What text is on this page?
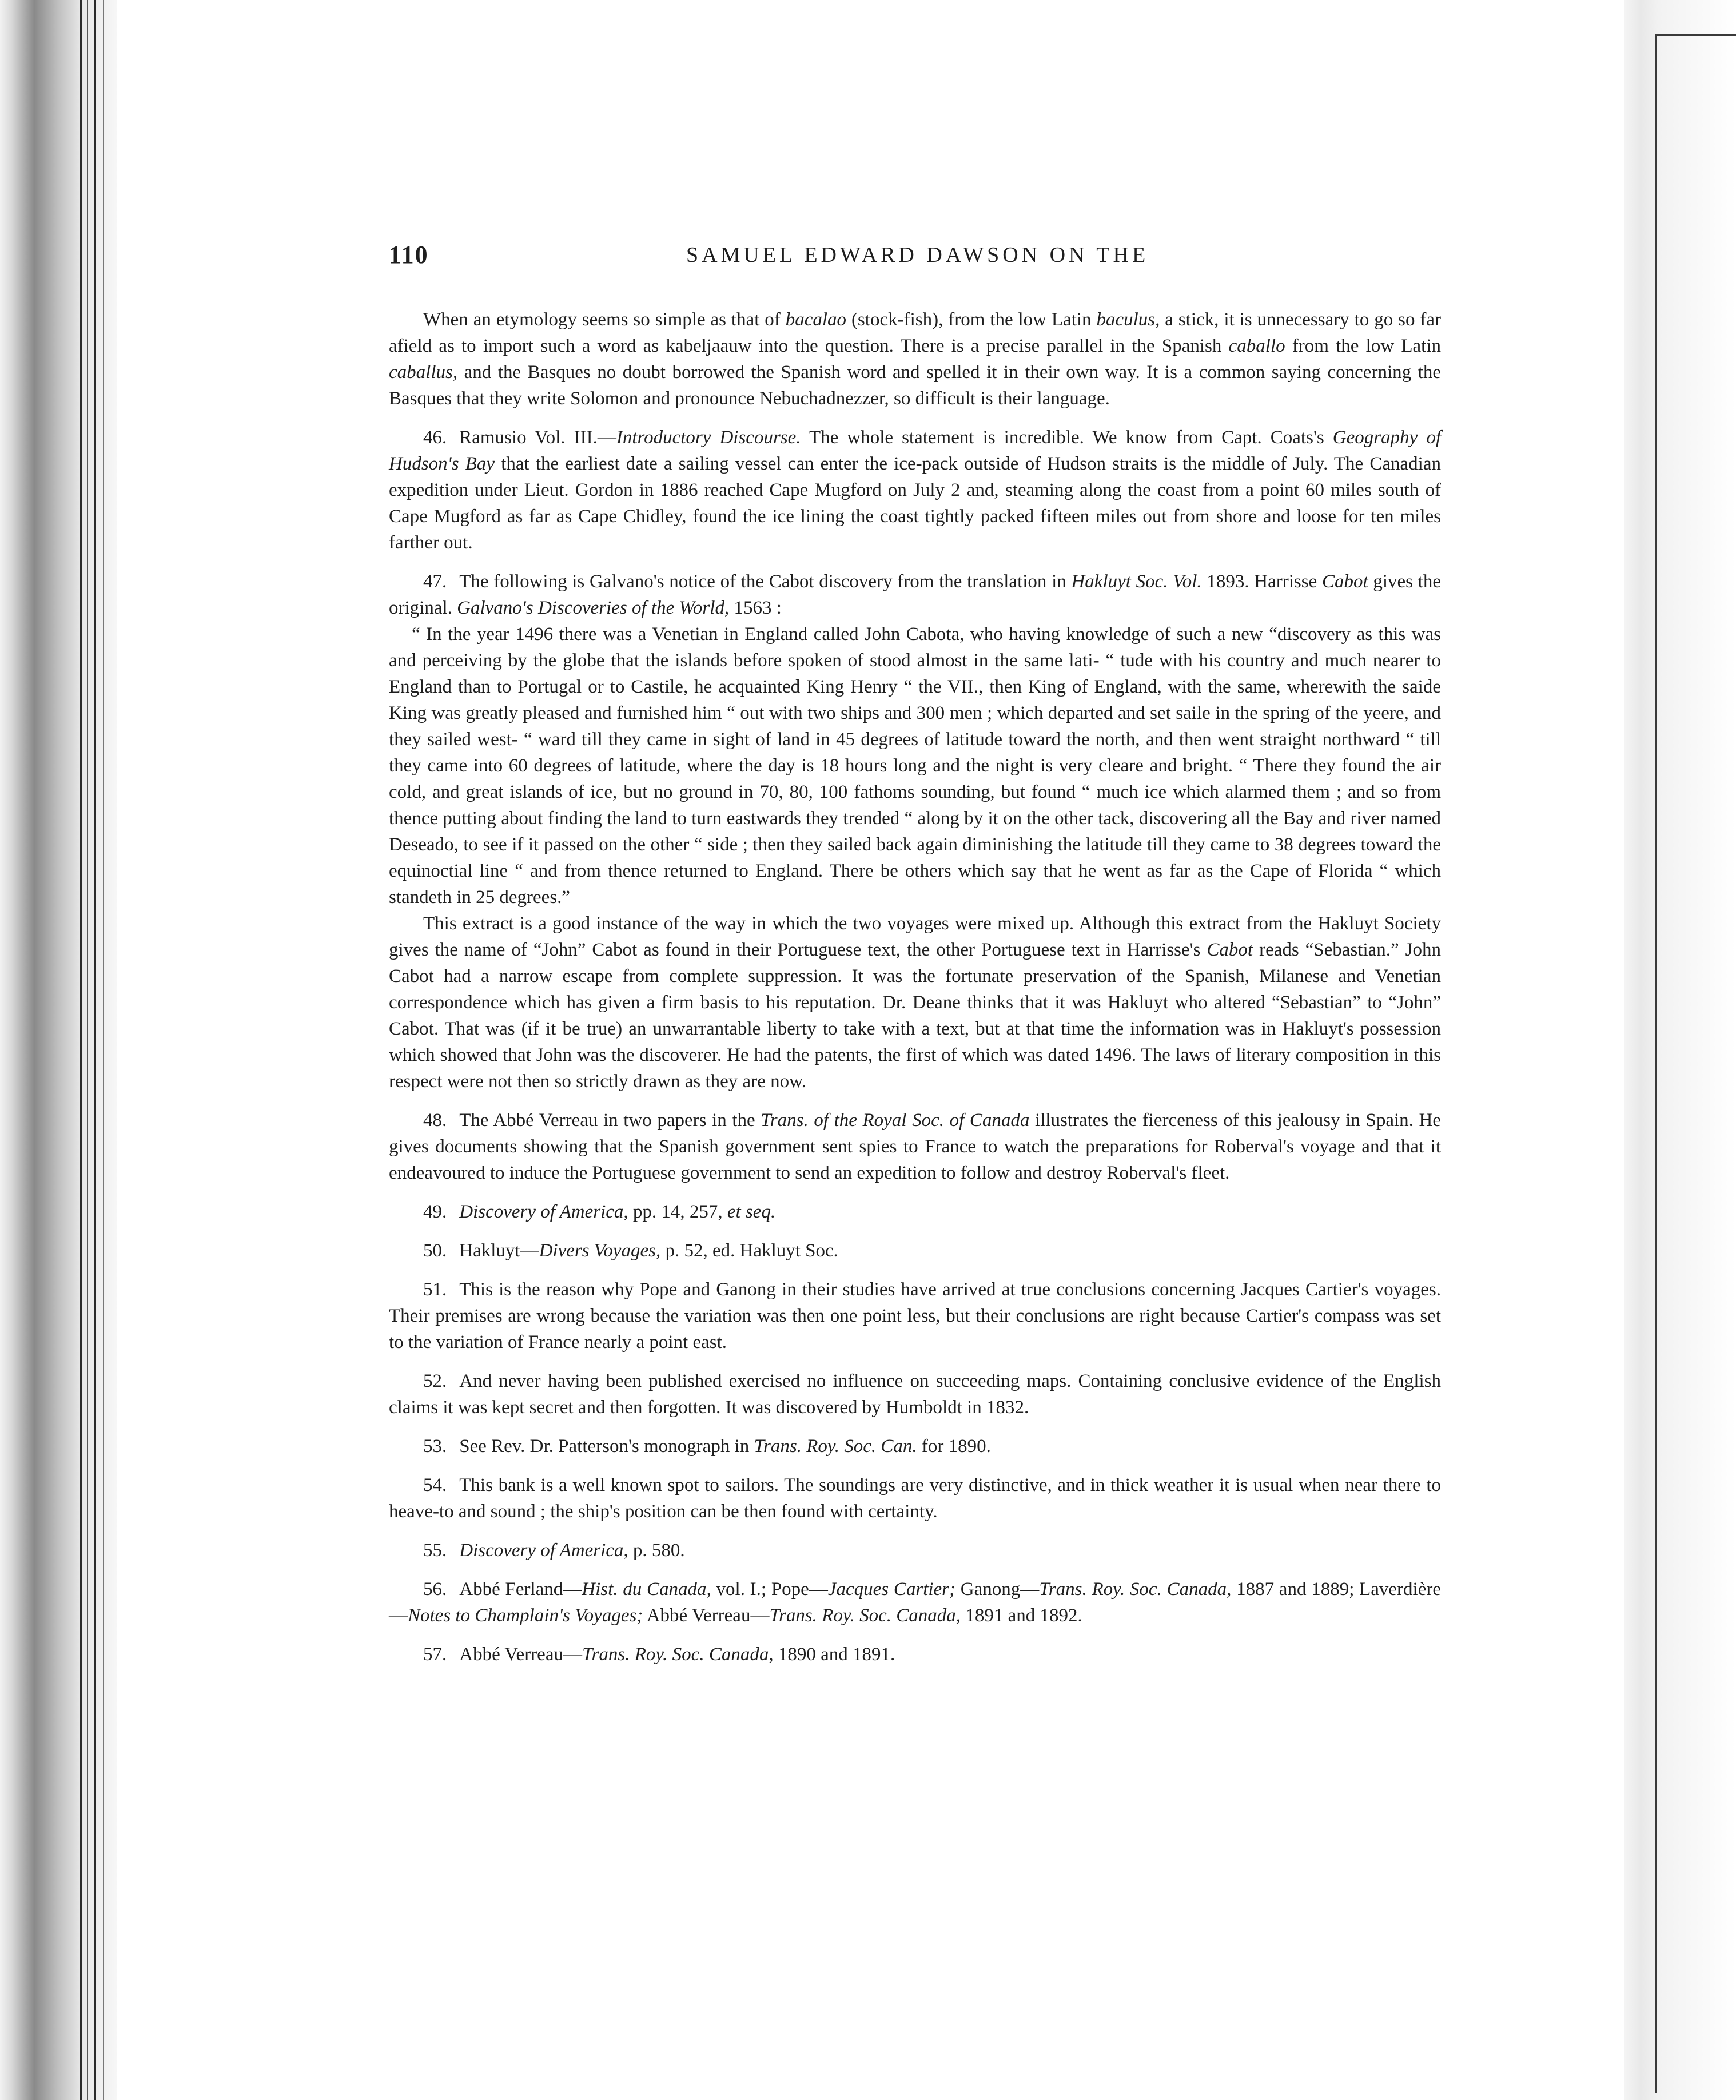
110	SAMUEL EDWARD DAWSON ON THE

When an etymology seems so simple as that of bacalao (stock-fish), from the low Latin baculus, a stick, it is unnecessary to go so far afield as to import such a word as kabeljaauw into the question. There is a precise parallel in the Spanish caballo from the low Latin caballus, and the Basques no doubt borrowed the Spanish word and spelled it in their own way. It is a common saying concerning the Basques that they write Solomon and pronounce Nebuchadnezzer, so difficult is their language.

46. Ramusio Vol. III.—Introductory Discourse. The whole statement is incredible. We know from Capt. Coats's Geography of Hudson's Bay that the earliest date a sailing vessel can enter the ice-pack outside of Hudson straits is the middle of July. The Canadian expedition under Lieut. Gordon in 1886 reached Cape Mugford on July 2 and, steaming along the coast from a point 60 miles south of Cape Mugford as far as Cape Chidley, found the ice lining the coast tightly packed fifteen miles out from shore and loose for ten miles farther out.

47. The following is Galvano's notice of the Cabot discovery from the translation in Hakluyt Soc. Vol. 1893. Harrisse Cabot gives the original. Galvano's Discoveries of the World, 1563 :

“ In the year 1496 there was a Venetian in England called John Cabota, who having knowledge of such a new “discovery as this was and perceiving by the globe that the islands before spoken of stood almost in the same lati- “ tude with his country and much nearer to England than to Portugal or to Castile, he acquainted King Henry “ the VII., then King of England, with the same, wherewith the saide King was greatly pleased and furnished him “ out with two ships and 300 men ; which departed and set saile in the spring of the yeere, and they sailed west- “ ward till they came in sight of land in 45 degrees of latitude toward the north, and then went straight northward “ till they came into 60 degrees of latitude, where the day is 18 hours long and the night is very cleare and bright. “ There they found the air cold, and great islands of ice, but no ground in 70, 80, 100 fathoms sounding, but found “ much ice which alarmed them ; and so from thence putting about finding the land to turn eastwards they trended “ along by it on the other tack, discovering all the Bay and river named Deseado, to see if it passed on the other “ side ; then they sailed back again diminishing the latitude till they came to 38 degrees toward the equinoctial line “ and from thence returned to England. There be others which say that he went as far as the Cape of Florida “ which standeth in 25 degrees.”

This extract is a good instance of the way in which the two voyages were mixed up. Although this extract from the Hakluyt Society gives the name of “John” Cabot as found in their Portuguese text, the other Portuguese text in Harrisse's Cabot reads “Sebastian.” John Cabot had a narrow escape from complete suppression. It was the fortunate preservation of the Spanish, Milanese and Venetian correspondence which has given a firm basis to his reputation. Dr. Deane thinks that it was Hakluyt who altered “Sebastian” to “John” Cabot. That was (if it be true) an unwarrantable liberty to take with a text, but at that time the information was in Hakluyt's possession which showed that John was the discoverer. He had the patents, the first of which was dated 1496. The laws of literary composition in this respect were not then so strictly drawn as they are now.

48. The Abbé Verreau in two papers in the Trans. of the Royal Soc. of Canada illustrates the fierceness of this jealousy in Spain. He gives documents showing that the Spanish government sent spies to France to watch the preparations for Roberval's voyage and that it endeavoured to induce the Portuguese government to send an expedition to follow and destroy Roberval's fleet.

49. Discovery of America, pp. 14, 257, et seq.

50. Hakluyt—Divers Voyages, p. 52, ed. Hakluyt Soc.

51. This is the reason why Pope and Ganong in their studies have arrived at true conclusions concerning Jacques Cartier's voyages. Their premises are wrong because the variation was then one point less, but their conclusions are right because Cartier's compass was set to the variation of France nearly a point east.

52. And never having been published exercised no influence on succeeding maps. Containing conclusive evidence of the English claims it was kept secret and then forgotten. It was discovered by Humboldt in 1832.

53. See Rev. Dr. Patterson's monograph in Trans. Roy. Soc. Can. for 1890.

54. This bank is a well known spot to sailors. The soundings are very distinctive, and in thick weather it is usual when near there to heave-to and sound ; the ship's position can be then found with certainty.

55. Discovery of America, p. 580.

56. Abbé Ferland—Hist. du Canada, vol. I.; Pope—Jacques Cartier; Ganong—Trans. Roy. Soc. Canada, 1887 and 1889; Laverdière—Notes to Champlain's Voyages; Abbé Verreau—Trans. Roy. Soc. Canada, 1891 and 1892.

57. Abbé Verreau—Trans. Roy. Soc. Canada, 1890 and 1891.
